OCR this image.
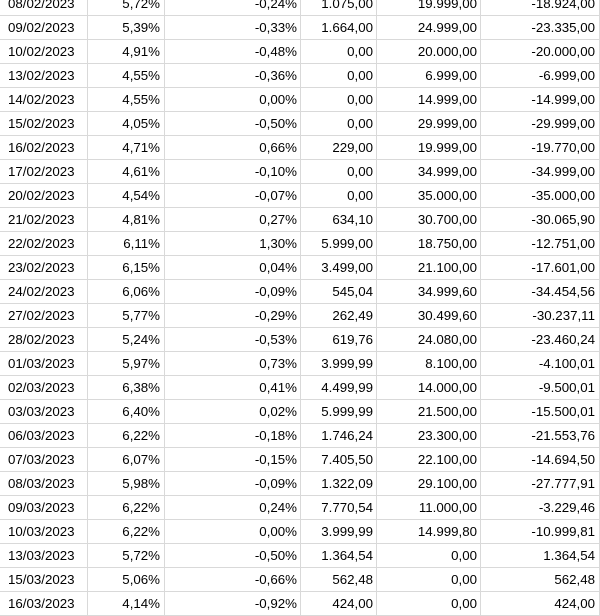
08/02/2023	5,72%	-0,24%	1.075,00	19.999,00	-18.924,00
09/02/2023	5,39%	-0,33%	1.664,00	24.999,00	-23.335,00
10/02/2023	4,91%	-0,48%	0,00	20.000,00	-20.000,00
13/02/2023	4,55%	-0,36%	0,00	6.999,00	-6.999,00
14/02/2023	4,55%	0,00%	0,00	14.999,00	-14.999,00
15/02/2023	4,05%	-0,50%	0,00	29.999,00	-29.999,00
16/02/2023	4,71%	0,66%	229,00	19.999,00	-19.770,00
17/02/2023	4,61%	-0,10%	0,00	34.999,00	-34.999,00
20/02/2023	4,54%	-0,07%	0,00	35.000,00	-35.000,00
21/02/2023	4,81%	0,27%	634,10	30.700,00	-30.065,90
22/02/2023	6,11%	1,30%	5.999,00	18.750,00	-12.751,00
23/02/2023	6,15%	0,04%	3.499,00	21.100,00	-17.601,00
24/02/2023	6,06%	-0,09%	545,04	34.999,60	-34.454,56
27/02/2023	5,77%	-0,29%	262,49	30.499,60	-30.237,11
28/02/2023	5,24%	-0,53%	619,76	24.080,00	-23.460,24
01/03/2023	5,97%	0,73%	3.999,99	8.100,00	-4.100,01
02/03/2023	6,38%	0,41%	4.499,99	14.000,00	-9.500,01
03/03/2023	6,40%	0,02%	5.999,99	21.500,00	-15.500,01
06/03/2023	6,22%	-0,18%	1.746,24	23.300,00	-21.553,76
07/03/2023	6,07%	-0,15%	7.405,50	22.100,00	-14.694,50
08/03/2023	5,98%	-0,09%	1.322,09	29.100,00	-27.777,91
09/03/2023	6,22%	0,24%	7.770,54	11.000,00	-3.229,46
10/03/2023	6,22%	0,00%	3.999,99	14.999,80	-10.999,81
13/03/2023	5,72%	-0,50%	1.364,54	0,00	1.364,54
15/03/2023	5,06%	-0,66%	562,48	0,00	562,48
16/03/2023	4,14%	-0,92%	424,00	0,00	424,00
